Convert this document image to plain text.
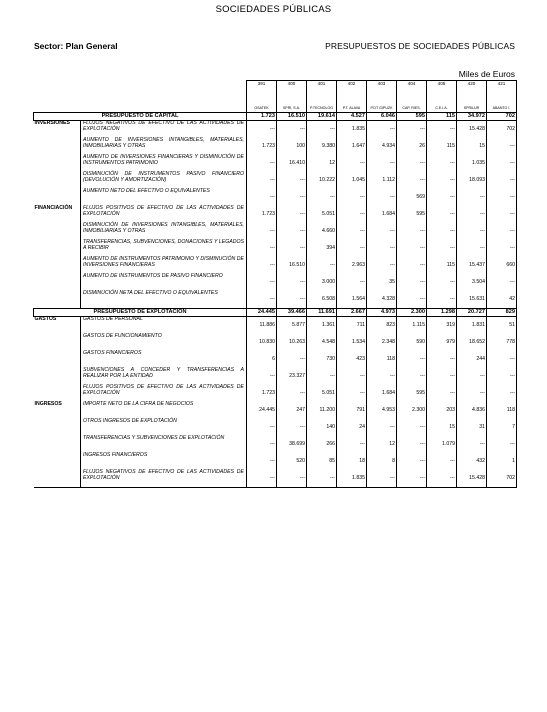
SOCIEDADES PÚBLICAS
Sector: Plan General	PRESUPUESTOS DE SOCIEDADES PÚBLICAS
Miles de Euros
		391	400	401	402	403	404	405	420	421

		OSATEK	SPRI, S.A.	P.TECNOLOG	P.T. ALAVA	P.DT GIPUZK	CAP. RIES.	C.E.I.A.	SPRILUR	ABANTO I.
PRESUPUESTO DE CAPITAL		1.723	16.510	19.614	4.527	6.046	595	115	34.972	702
INVERSIONES	FLUJOS NEGATIVOS DE EFECTIVO DE LAS ACTIVIDADES DE EXPLOTACIÓN	---	---	---	1.835	---	---	---	15.428	702
	AUMENTO DE INVERSIONES INTANGIBLES, MATERIALES, INMOBILIARIAS Y OTRAS	1.723	100	9.380	1.647	4.934	26	115	15	---
	AUMENTO DE INVERSIONES FINANCIERAS Y DISMINUCIÓN DE INSTRUMENTOS PATRIMONIO	---	16.410	12	---	---	---	---	1.035	---
	DISMINUCIÓN DE INSTRUMENTOS PASIVO FINANCIERO (DEVOLUCIÓN Y AMORTIZACIÓN)	---	---	10.222	1.045	1.112	---	---	18.093	---
	AUMENTO NETO DEL EFECTIVO O EQUIVALENTES	---	---	---	---	---	569	---	---	---
FINANCIACIÓN	FLUJOS POSITIVOS DE EFECTIVO DE LAS ACTIVIDADES DE EXPLOTACIÓN	1.723	---	5.051	---	1.684	595	---	---	---
	DISMINUCIÓN DE INVERSIONES INTANGIBLES, MATERIALES, INMOBILIARIAS Y OTRAS	---	---	4.660	---	---	---	---	---	---
	TRANSFERENCIAS, SUBVENCIONES, DONACIONES Y LEGADOS A RECIBIR	---	---	394	---	---	---	---	---	---
	AUMENTO DE INSTRUMENTOS PATRIMONIO Y DISMINUCIÓN DE INVERSIONES FINANCIERAS	---	16.510	---	2.963	---	---	115	15.437	660
	AUMENTO DE INSTRUMENTOS DE PASIVO FINANCIERO	---	---	3.000	---	35	---	---	3.504	---
	DISMINUCIÓN NETA DEL EFECTIVO O EQUIVALENTES	---	---	6.508	1.564	4.328	---	---	15.631	42
PRESUPUESTO DE EXPLOTACIÓN		24.445	39.466	11.691	2.667	4.973	2.300	1.298	20.727	829
GASTOS	GASTOS DE PERSONAL	11.886	5.877	1.361	711	823	1.115	319	1.831	51
	GASTOS DE FUNCIONAMIENTO	10.830	10.263	4.548	1.534	2.348	590	979	18.652	778
	GASTOS FINANCIEROS	6	---	730	423	118	---	---	244	---
	SUBVENCIONES A CONCEDER Y TRANSFERENCIAS A REALIZAR POR LA ENTIDAD	---	23.327	---	---	---	---	---	---	---
	FLUJOS POSITIVOS DE EFECTIVO DE LAS ACTIVIDADES DE EXPLOTACIÓN	1.723	---	5.051	---	1.684	595	---	---	---
INGRESOS	IMPORTE NETO DE LA CIFRA DE NEGOCIOS	24.445	247	11.200	791	4.953	2.300	203	4.836	118
	OTROS INGRESOS DE EXPLOTACIÓN	---	---	140	24	---	---	15	31	7
	TRANSFERENCIAS Y SUBVENCIONES DE EXPLOTACIÓN	---	38.699	266	---	12	---	1.079	---	---
	INGRESOS FINANCIEROS	---	520	85	18	8	---	---	432	1
	FLUJOS NEGATIVOS DE EFECTIVO DE LAS ACTIVIDADES DE EXPLOTACIÓN	---	---	---	1.835	---	---	---	15.428	702
